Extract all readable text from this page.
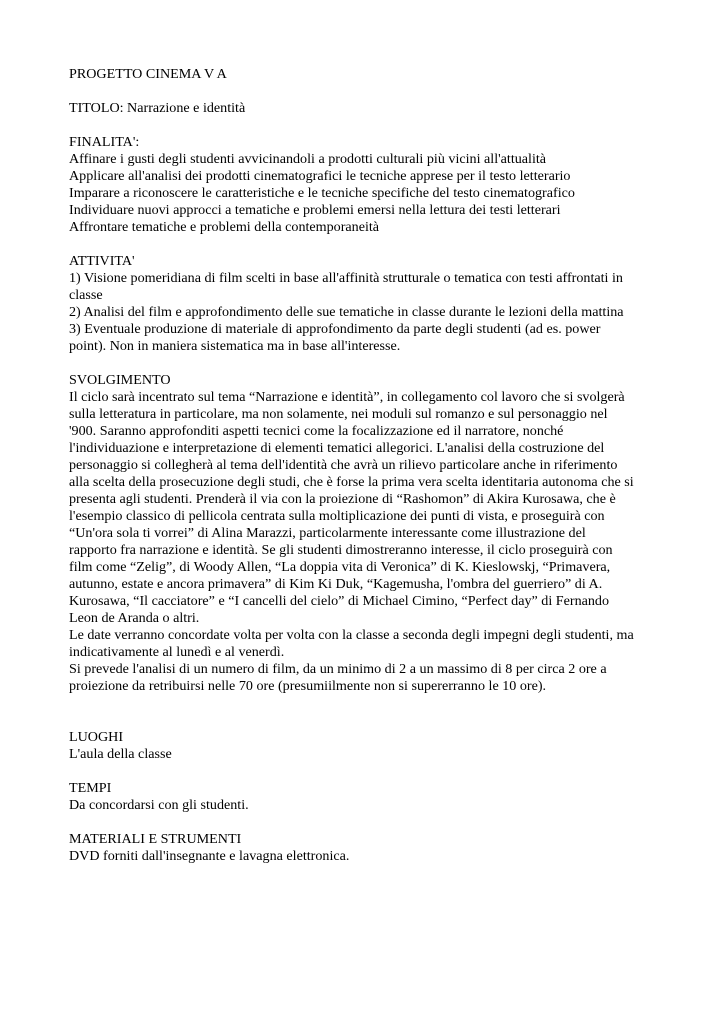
PROGETTO CINEMA V A
TITOLO: Narrazione e identità
FINALITA':
Affinare i gusti degli studenti avvicinandoli a prodotti culturali più vicini all'attualità
Applicare all'analisi dei prodotti cinematografici le tecniche apprese per il testo letterario
Imparare a riconoscere le caratteristiche e le tecniche specifiche del testo cinematografico
Individuare nuovi approcci a tematiche e problemi emersi nella lettura dei testi letterari
Affrontare tematiche e problemi della contemporaneità
ATTIVITA'
1) Visione pomeridiana di film scelti in base all'affinità strutturale o tematica con testi affrontati in
classe
2) Analisi del film e approfondimento delle sue tematiche in classe durante le lezioni della mattina
3) Eventuale produzione di materiale di approfondimento da parte degli studenti (ad es. power
point). Non in maniera sistematica ma in base all'interesse.
SVOLGIMENTO
Il ciclo sarà incentrato sul tema “Narrazione e identità”, in collegamento col lavoro che si svolgerà
sulla letteratura in particolare, ma non solamente, nei moduli sul romanzo e sul personaggio nel
'900. Saranno approfonditi aspetti tecnici come la focalizzazione ed il narratore, nonché
l'individuazione e interpretazione di elementi tematici allegorici. L'analisi della costruzione del
personaggio si collegherà al tema dell'identità che avrà un rilievo particolare anche in riferimento
alla scelta della prosecuzione degli studi, che è forse la prima vera scelta identitaria autonoma che si
presenta agli studenti. Prenderà il via con la proiezione di “Rashomon” di Akira Kurosawa, che è
l'esempio classico di pellicola centrata sulla moltiplicazione dei punti di vista, e proseguirà con
“Un'ora sola ti vorrei” di Alina Marazzi, particolarmente interessante come illustrazione del
rapporto fra narrazione e identità. Se gli studenti dimostreranno interesse, il ciclo proseguirà con
film come “Zelig”, di Woody Allen, “La doppia vita di Veronica” di K. Kieslowskj, “Primavera,
autunno, estate e ancora primavera” di Kim Ki Duk, “Kagemusha, l'ombra del guerriero” di A.
Kurosawa, “Il cacciatore” e “I cancelli del cielo” di Michael Cimino, “Perfect day” di Fernando
Leon de Aranda o altri.
Le date verranno concordate volta per volta con la classe a seconda degli impegni degli studenti, ma
indicativamente al lunedì e al venerdì.
Si prevede l'analisi di un numero di film, da un minimo di 2 a un massimo di 8 per circa 2 ore a
proiezione da retribuirsi nelle 70 ore (presumiilmente non si supererranno le 10 ore).
LUOGHI
L'aula della classe
TEMPI
Da concordarsi con gli studenti.
MATERIALI E STRUMENTI
DVD forniti dall'insegnante e lavagna elettronica.
